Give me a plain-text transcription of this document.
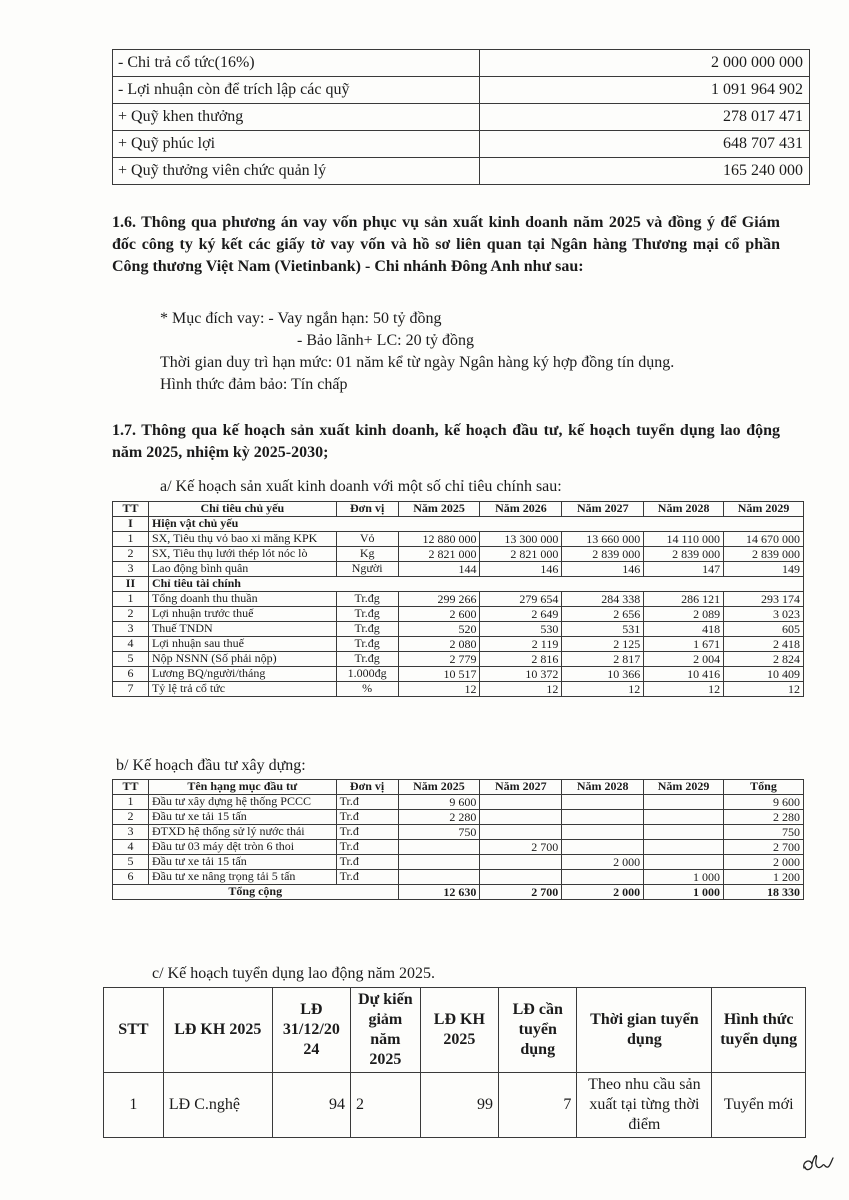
- Chi trả cổ tức(16%)	2 000 000 000
- Lợi nhuận còn để trích lập các quỹ	1 091 964 902
+ Quỹ khen thưởng	278 017 471
+ Quỹ phúc lợi	648 707 431
+ Quỹ thưởng viên chức quản lý	165 240 000
1.6. Thông qua phương án vay vốn phục vụ sản xuất kinh doanh năm 2025 và đồng ý để Giám đốc công ty ký kết các giấy tờ vay vốn và hồ sơ liên quan tại Ngân hàng Thương mại cổ phần Công thương Việt Nam (Vietinbank) - Chi nhánh Đông Anh như sau:
* Mục đích vay: - Vay ngắn hạn: 50 tỷ đồng
- Bảo lãnh+ LC: 20 tỷ đồng
Thời gian duy trì hạn mức: 01 năm kể từ ngày Ngân hàng ký hợp đồng tín dụng.
Hình thức đảm bảo: Tín chấp
1.7. Thông qua kế hoạch sản xuất kinh doanh, kế hoạch đầu tư, kế hoạch tuyển dụng lao động năm 2025, nhiệm kỳ 2025-2030;
a/ Kế hoạch sản xuất kinh doanh với một số chỉ tiêu chính sau:
TT	Chỉ tiêu chủ yếu	Đơn vị	Năm 2025	Năm 2026	Năm 2027	Năm 2028	Năm 2029
I	Hiện vật chủ yếu						
1	SX, Tiêu thụ vỏ bao xi măng KPK	Vỏ	12 880 000	13 300 000	13 660 000	14 110 000	14 670 000
2	SX, Tiêu thụ lưới thép lót nóc lò	Kg	2 821 000	2 821 000	2 839 000	2 839 000	2 839 000
3	Lao động bình quân	Người	144	146	146	147	149
II	Chỉ tiêu tài chính						
1	Tổng doanh thu thuần	Tr.đg	299 266	279 654	284 338	286 121	293 174
2	Lợi nhuận trước thuế	Tr.đg	2 600	2 649	2 656	2 089	3 023
3	Thuế TNDN	Tr.đg	520	530	531	418	605
4	Lợi nhuận sau thuế	Tr.đg	2 080	2 119	2 125	1 671	2 418
5	Nộp NSNN (Số phải nộp)	Tr.đg	2 779	2 816	2 817	2 004	2 824
6	Lương BQ/người/tháng	1.000đg	10 517	10 372	10 366	10 416	10 409
7	Tỷ lệ trả cổ tức	%	12	12	12	12	12
b/ Kế hoạch đầu tư xây dựng:
TT	Tên hạng mục đầu tư	Đơn vị	Năm 2025	Năm 2027	Năm 2028	Năm 2029	Tổng
1	Đầu tư xây dựng hệ thống PCCC	Tr.đ	9 600				9 600
2	Đầu tư xe tải 15 tấn	Tr.đ	2 280				2 280
3	ĐTXD hệ thống sử lý nước thải	Tr.đ	750				750
4	Đầu tư 03 máy dệt tròn 6 thoi	Tr.đ		2 700			2 700
5	Đầu tư xe tải 15 tấn	Tr.đ			2 000		2 000
6	Đầu tư xe nâng trọng tải 5 tấn	Tr.đ				1 000	1 200
Tổng cộng			12 630	2 700	2 000	1 000	18 330
c/ Kế hoạch tuyển dụng lao động năm 2025.
STT	LĐ KH 2025	LĐ 31/12/20 24	Dự kiến giảm năm 2025	LĐ KH 2025	LĐ cần tuyển dụng	Thời gian tuyển dụng	Hình thức tuyển dụng
1	LĐ C.nghệ	94	2	99	7	Theo nhu cầu sản xuất tại từng thời điểm	Tuyển mới
